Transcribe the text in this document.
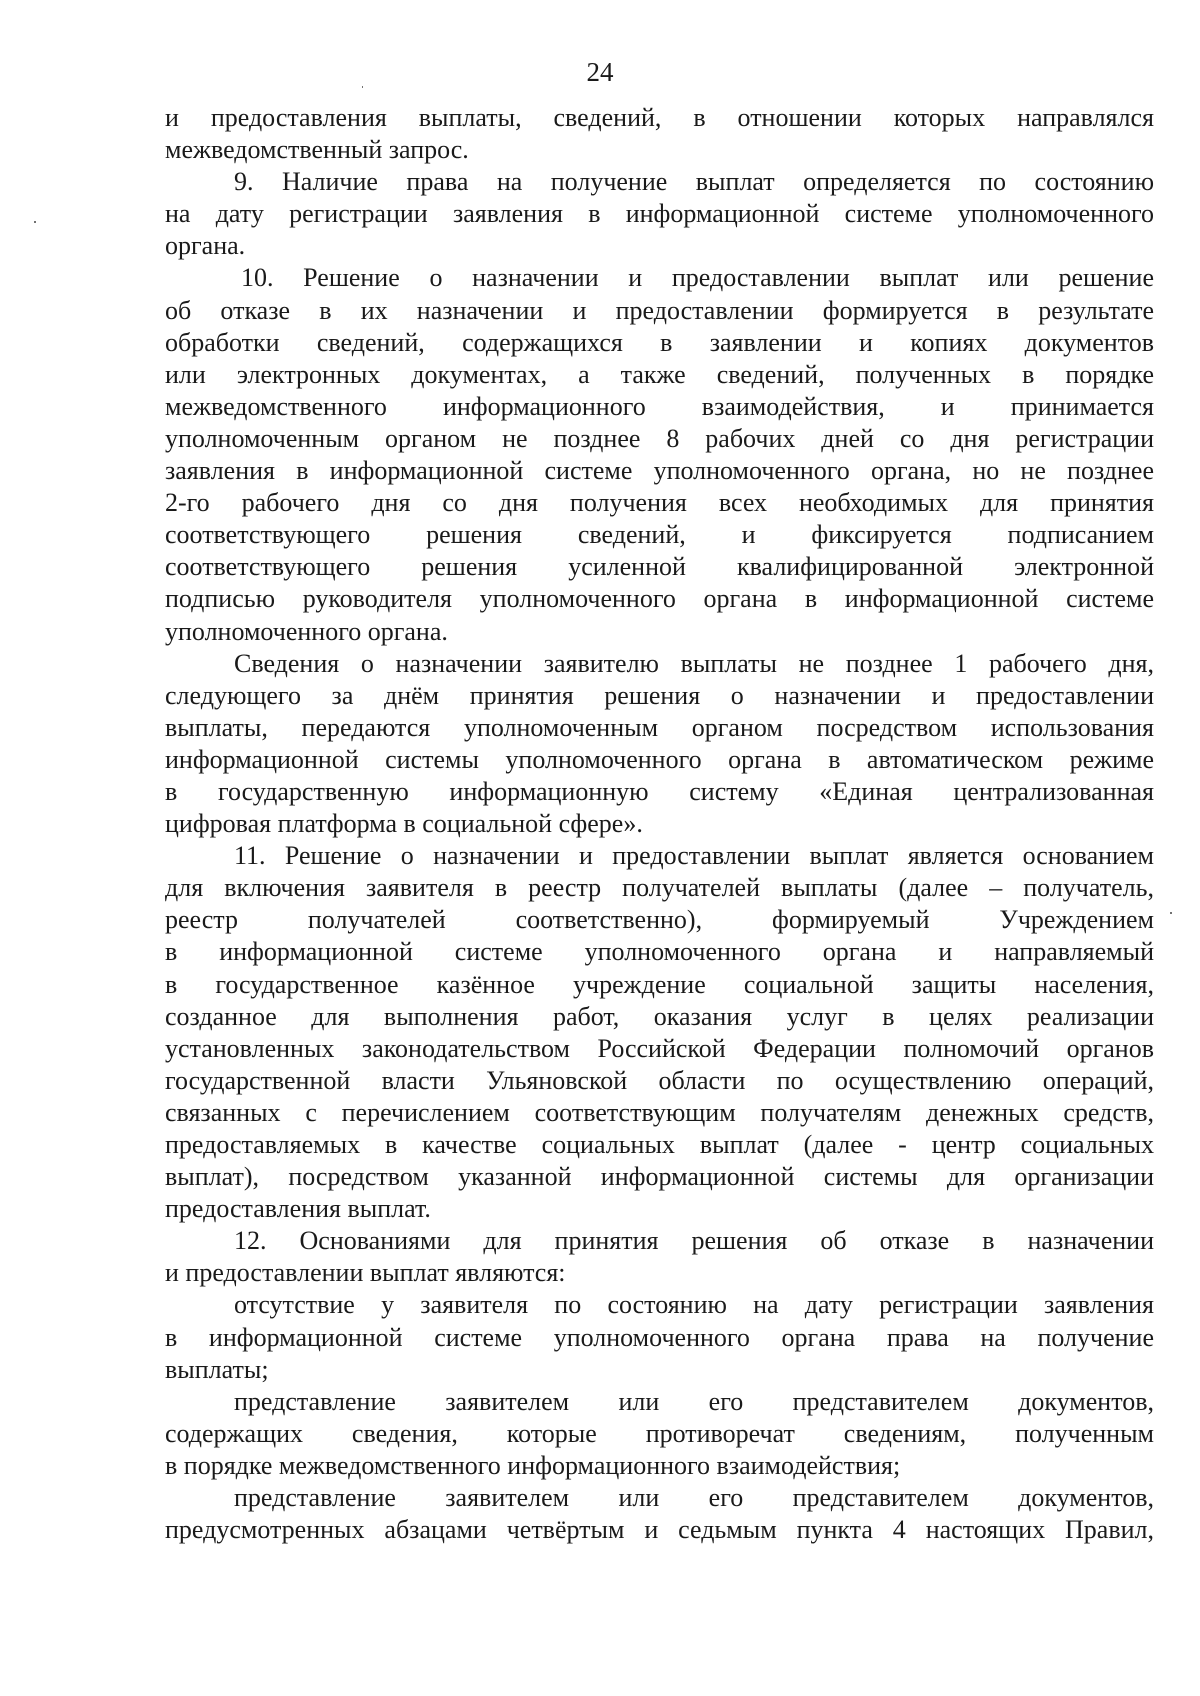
24
и предоставления выплаты, сведений, в отношении которых направлялся
межведомственный запрос.
9. Наличие права на получение выплат определяется по состоянию
на дату регистрации заявления в информационной системе уполномоченного
органа.
10. Решение о назначении и предоставлении выплат или решение
об отказе в их назначении и предоставлении формируется в результате
обработки сведений, содержащихся в заявлении и копиях документов
или электронных документах, а также сведений, полученных в порядке
межведомственного информационного взаимодействия, и принимается
уполномоченным органом не позднее 8 рабочих дней со дня регистрации
заявления в информационной системе уполномоченного органа, но не позднее
2-го рабочего дня со дня получения всех необходимых для принятия
соответствующего решения сведений, и фиксируется подписанием
соответствующего решения усиленной квалифицированной электронной
подписью руководителя уполномоченного органа в информационной системе
уполномоченного органа.
Сведения о назначении заявителю выплаты не позднее 1 рабочего дня,
следующего за днём принятия решения о назначении и предоставлении
выплаты, передаются уполномоченным органом посредством использования
информационной системы уполномоченного органа в автоматическом режиме
в государственную информационную систему «Единая централизованная
цифровая платформа в социальной сфере».
11. Решение о назначении и предоставлении выплат является основанием
для включения заявителя в реестр получателей выплаты (далее – получатель,
реестр получателей соответственно), формируемый Учреждением
в информационной системе уполномоченного органа и направляемый
в государственное казённое учреждение социальной защиты населения,
созданное для выполнения работ, оказания услуг в целях реализации
установленных законодательством Российской Федерации полномочий органов
государственной власти Ульяновской области по осуществлению операций,
связанных с перечислением соответствующим получателям денежных средств,
предоставляемых в качестве социальных выплат (далее - центр социальных
выплат), посредством указанной информационной системы для организации
предоставления выплат.
12. Основаниями для принятия решения об отказе в назначении
и предоставлении выплат являются:
отсутствие у заявителя по состоянию на дату регистрации заявления
в информационной системе уполномоченного органа права на получение
выплаты;
представление заявителем или его представителем документов,
содержащих сведения, которые противоречат сведениям, полученным
в порядке межведомственного информационного взаимодействия;
представление заявителем или его представителем документов,
предусмотренных абзацами четвёртым и седьмым пункта 4 настоящих Правил,
